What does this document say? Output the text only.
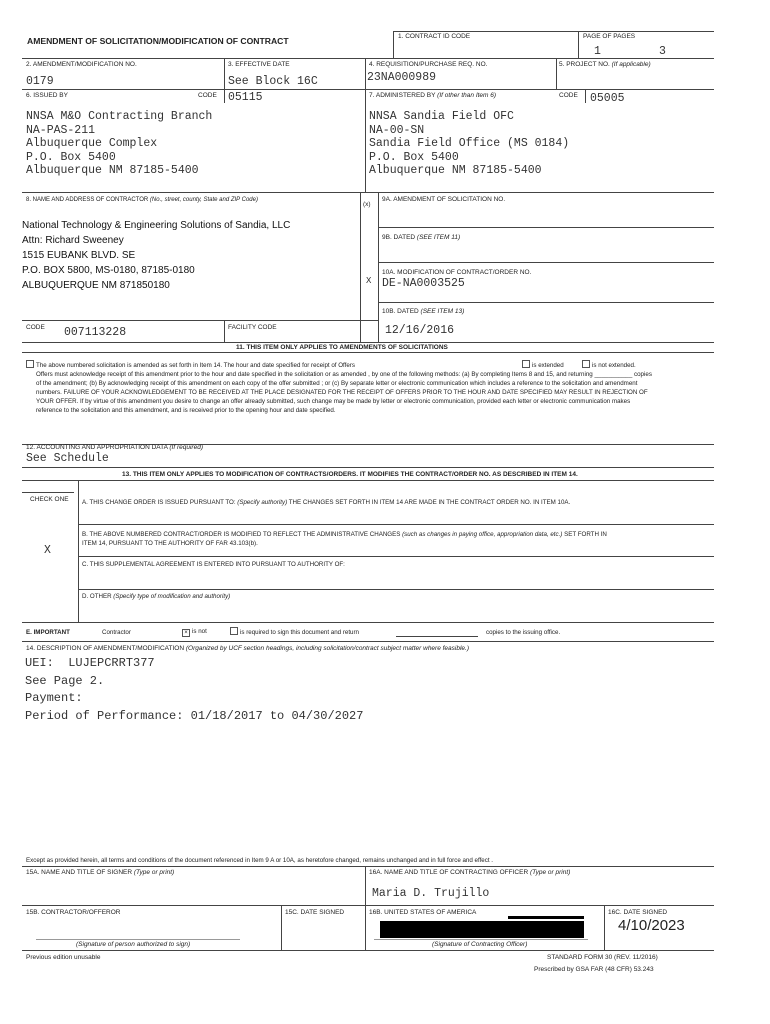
AMENDMENT OF SOLICITATION/MODIFICATION OF CONTRACT	1. CONTRACT ID CODE	PAGE OF PAGES
1	3
2. AMENDMENT/MODIFICATION NO.
0179
3. EFFECTIVE DATE
See Block 16C
4. REQUISITION/PURCHASE REQ. NO.
23NA000989
5. PROJECT NO. (If applicable)
6. ISSUED BY	CODE 05115	7. ADMINISTERED BY (If other than Item 6)	CODE 05005
NNSA M&O Contracting Branch
NA-PAS-211
Albuquerque Complex
P.O. Box 5400
Albuquerque NM 87185-5400
NNSA Sandia Field OFC
NA-00-SN
Sandia Field Office (MS 0184)
P.O. Box 5400
Albuquerque NM 87185-5400
8. NAME AND ADDRESS OF CONTRACTOR (No., street, county, State and ZIP Code)
National Technology & Engineering Solutions of Sandia, LLC
Attn: Richard Sweeney
1515 EUBANK BLVD. SE
P.O. BOX 5800, MS-0180, 87185-0180
ALBUQUERQUE NM 871850180
CODE 007113228	FACILITY CODE
(x)
9A. AMENDMENT OF SOLICITATION NO.
9B. DATED (SEE ITEM 11)
X
10A. MODIFICATION OF CONTRACT/ORDER NO.
DE-NA0003525
10B. DATED (SEE ITEM 13)
12/16/2016
11. THIS ITEM ONLY APPLIES TO AMENDMENTS OF SOLICITATIONS
The above numbered solicitation is amended as set forth in Item 14. The hour and date specified for receipt of Offers	is extended	is not extended.
Offers must acknowledge receipt of this amendment prior to the hour and date specified in the solicitation or as amended , by one of the following methods: (a) By completing Items 8 and 15, and returning ___________ copies of the amendment; (b) By acknowledging receipt of this amendment on each copy of the offer submitted ; or (c) By separate letter or electronic communication which includes a reference to the solicitation and amendment numbers. FAILURE OF YOUR ACKNOWLEDGEMENT TO BE RECEIVED AT THE PLACE DESIGNATED FOR THE RECEIPT OF OFFERS PRIOR TO THE HOUR AND DATE SPECIFIED MAY RESULT IN REJECTION OF YOUR OFFER. If by virtue of this amendment you desire to change an offer already submitted, such change may be made by letter or electronic communication, provided each letter or electronic communication makes reference to the solicitation and this amendment, and is received prior to the opening hour and date specified.
12. ACCOUNTING AND APPROPRIATION DATA (If required)
See Schedule
13. THIS ITEM ONLY APPLIES TO MODIFICATION OF CONTRACTS/ORDERS. IT MODIFIES THE CONTRACT/ORDER NO. AS DESCRIBED IN ITEM 14.
CHECK ONE A. THIS CHANGE ORDER IS ISSUED PURSUANT TO: (Specify authority) THE CHANGES SET FORTH IN ITEM 14 ARE MADE IN THE CONTRACT ORDER NO. IN ITEM 10A.
B. THE ABOVE NUMBERED CONTRACT/ORDER IS MODIFIED TO REFLECT THE ADMINISTRATIVE CHANGES (such as changes in paying office, appropriation data, etc.) SET FORTH IN ITEM 14, PURSUANT TO THE AUTHORITY OF FAR 43.103(b).
X
C. THIS SUPPLEMENTAL AGREEMENT IS ENTERED INTO PURSUANT TO AUTHORITY OF:
D. OTHER (Specify type of modification and authority)
E. IMPORTANT	Contractor	× is not	is required to sign this document and return	copies to the issuing office.
14. DESCRIPTION OF AMENDMENT/MODIFICATION (Organized by UCF section headings, including solicitation/contract subject matter where feasible.)
UEI:  LUJEPCRRT377
See Page 2.
Payment:
Period of Performance: 01/18/2017 to 04/30/2027
Except as provided herein, all terms and conditions of the document referenced in Item 9 A or 10A, as heretofore changed, remains unchanged and in full force and effect .
15A. NAME AND TITLE OF SIGNER (Type or print)	16A. NAME AND TITLE OF CONTRACTING OFFICER (Type or print)
Maria D. Trujillo
15B. CONTRACTOR/OFFEROR	15C. DATE SIGNED	16B. UNITED STATES OF AMERICA	16C. DATE SIGNED
4/10/2023
(Signature of person authorized to sign)	(Signature of Contracting Officer)
Previous edition unusable	STANDARD FORM 30 (REV. 11/2016)
Prescribed by GSA FAR (48 CFR) 53.243
